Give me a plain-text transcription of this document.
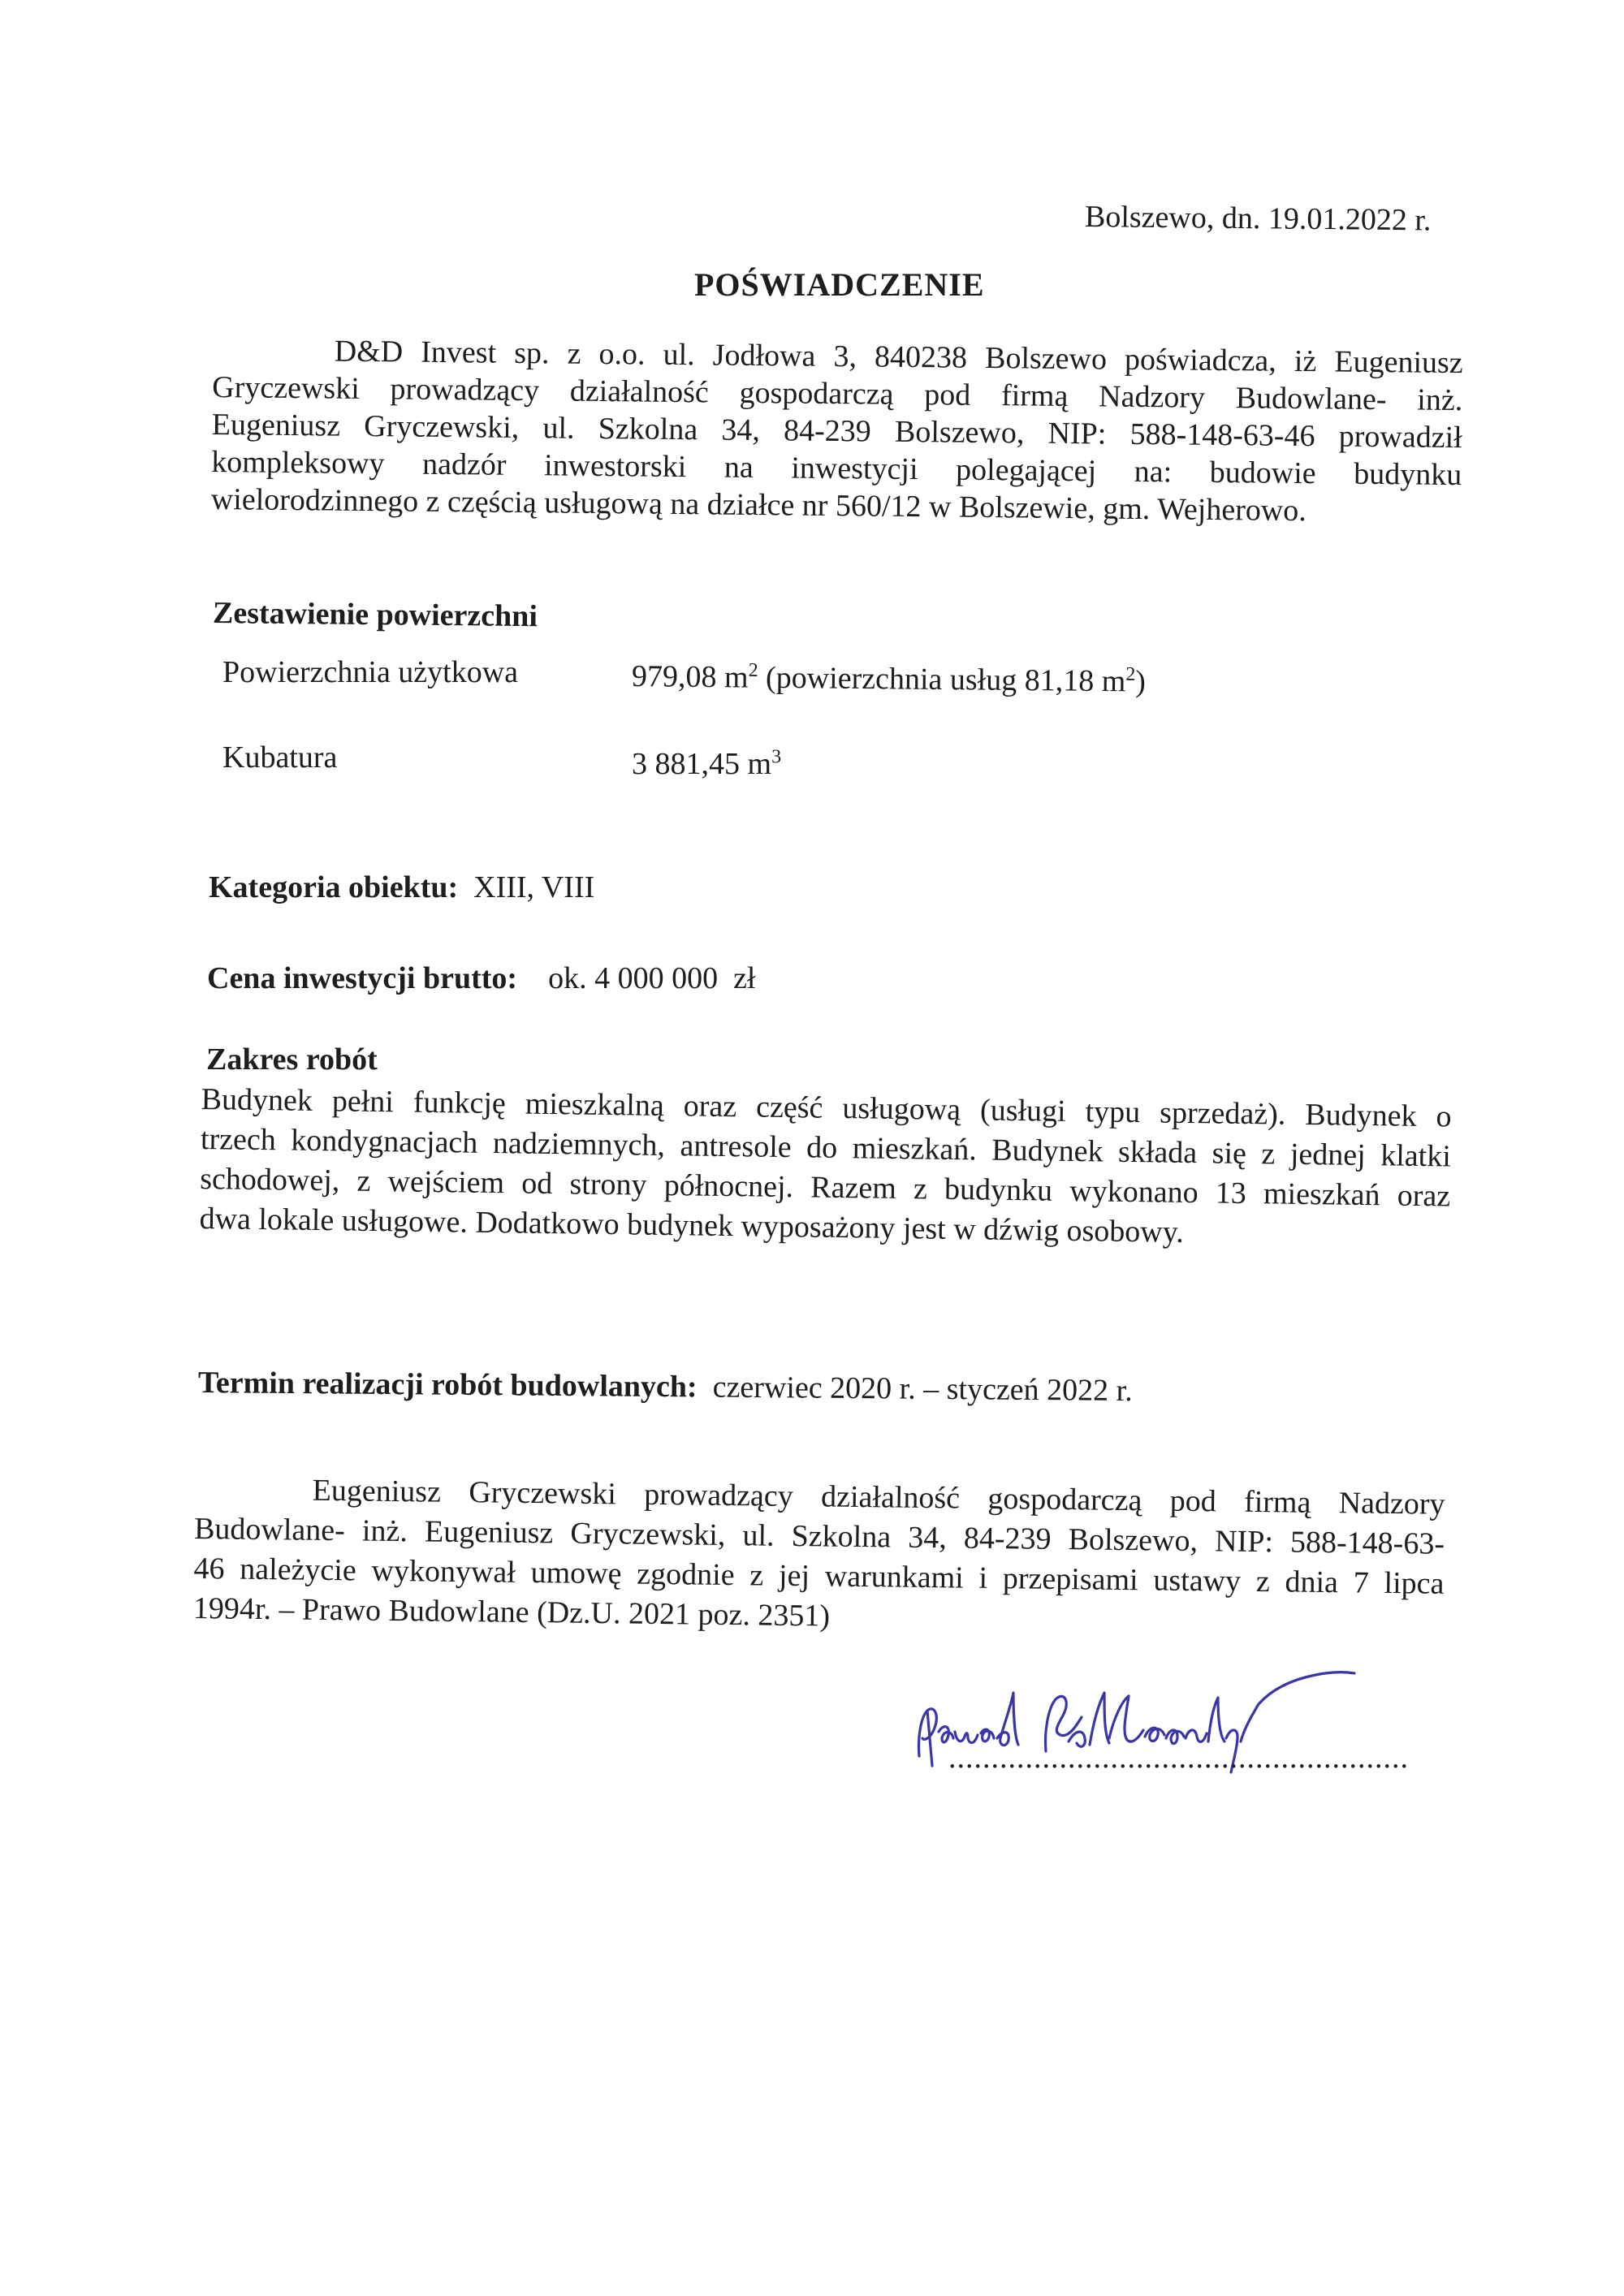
Bolszewo, dn. 19.01.2022 r.
POŚWIADCZENIE
D&D Invest sp. z o.o. ul. Jodłowa 3, 840238 Bolszewo poświadcza, iż Eugeniusz
Gryczewski prowadzący działalność gospodarczą pod firmą Nadzory Budowlane- inż.
Eugeniusz Gryczewski, ul. Szkolna 34, 84-239 Bolszewo, NIP: 588-148-63-46 prowadził
kompleksowy nadzór inwestorski na inwestycji polegającej na: budowie budynku
wielorodzinnego z częścią usługową na działce nr 560/12 w Bolszewie, gm. Wejherowo.
Zestawienie powierzchni
Powierzchnia użytkowa	979,08 $m^2$ (powierzchnia usług 81,18 $m^2$)
Kubatura	3 881,45 $m^3$
Kategoria obiektu: XIII, VIII
Cena inwestycji brutto: ok. 4 000 000  zł
Zakres robót
Budynek pełni funkcję mieszkalną oraz część usługową (usługi typu sprzedaż). Budynek o
trzech kondygnacjach nadziemnych, antresole do mieszkań. Budynek składa się z jednej klatki
schodowej, z wejściem od strony północnej. Razem z budynku wykonano 13 mieszkań oraz
dwa lokale usługowe. Dodatkowo budynek wyposażony jest w dźwig osobowy.
Termin realizacji robót budowlanych: czerwiec 2020 r. – styczeń 2022 r.
Eugeniusz Gryczewski prowadzący działalność gospodarczą pod firmą Nadzory
Budowlane- inż. Eugeniusz Gryczewski, ul. Szkolna 34, 84-239 Bolszewo, NIP: 588-148-63-
46 należycie wykonywał umowę zgodnie z jej warunkami i przepisami ustawy z dnia 7 lipca
1994r. – Prawo Budowlane (Dz.U. 2021 poz. 2351)
......................................................
